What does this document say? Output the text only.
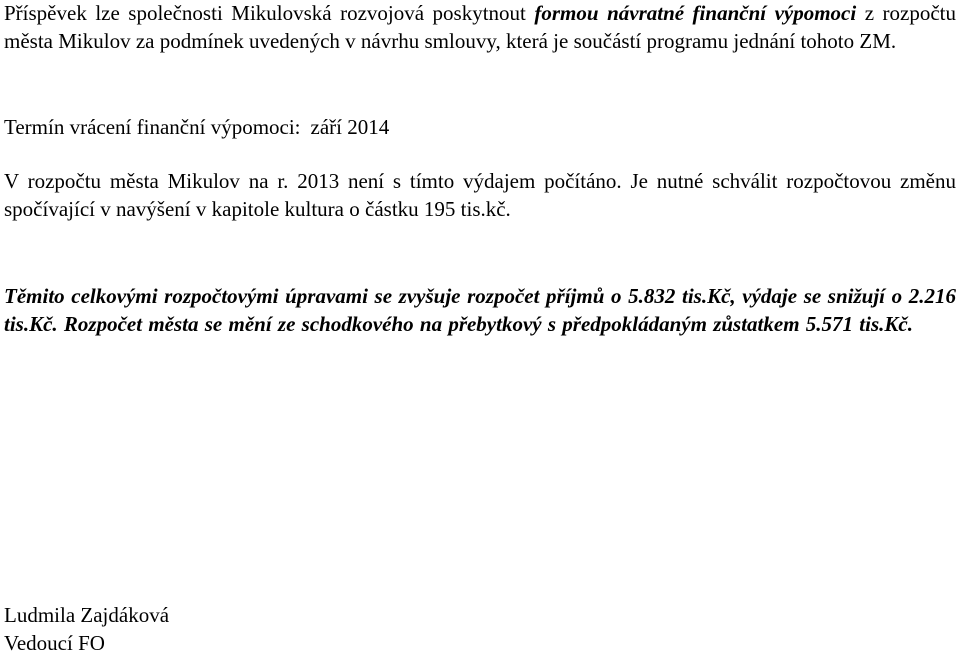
Příspěvek lze společnosti Mikulovská rozvojová poskytnout formou návratné finanční výpomoci z rozpočtu města Mikulov za podmínek uvedených v návrhu smlouvy, která je součástí programu jednání tohoto ZM.

Termín vrácení finanční výpomoci: září 2014

V rozpočtu města Mikulov na r. 2013 není s tímto výdajem počítáno. Je nutné schválit rozpočtovou změnu spočívající v navýšení v kapitole kultura o částku 195 tis.kč.

Těmito celkovými rozpočtovými úpravami se zvyšuje rozpočet příjmů o 5.832 tis.Kč, výdaje se snižují o 2.216 tis.Kč. Rozpočet města se mění ze schodkového na přebytkový s předpokládaným zůstatkem 5.571 tis.Kč.

Ludmila Zajdáková

Vedoucí FO
